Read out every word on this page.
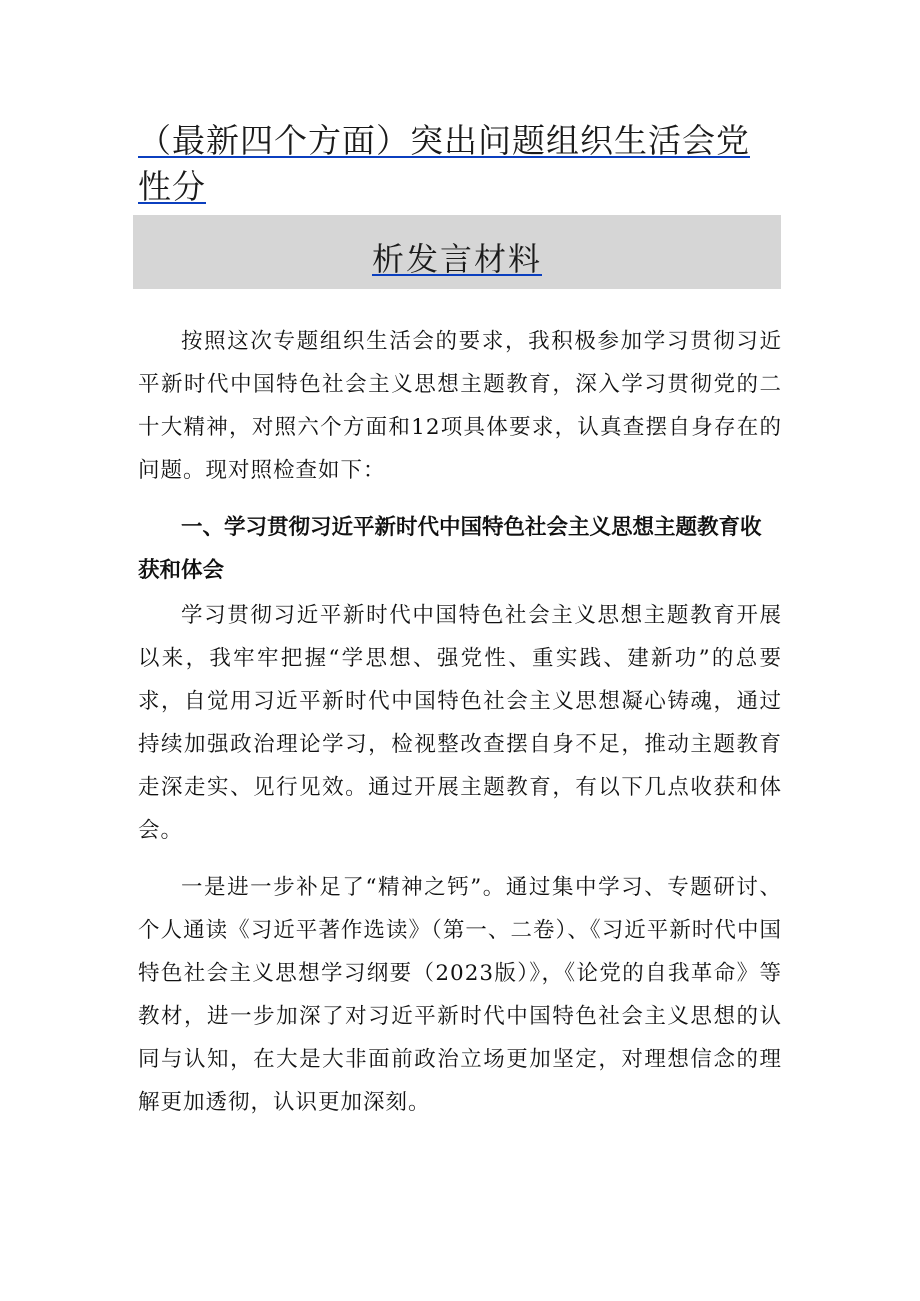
（最新四个方面）突出问题组织生活会党性分
析发言材料

按照这次专题组织生活会的要求，我积极参加学习贯彻习近平新时代中国特色社会主义思想主题教育，深入学习贯彻党的二十大精神，对照六个方面和12项具体要求，认真查摆自身存在的问题。现对照检查如下：

一、学习贯彻习近平新时代中国特色社会主义思想主题教育收获和体会

学习贯彻习近平新时代中国特色社会主义思想主题教育开展以来，我牢牢把握“学思想、强党性、重实践、建新功”的总要求，自觉用习近平新时代中国特色社会主义思想凝心铸魂，通过持续加强政治理论学习，检视整改查摆自身不足，推动主题教育走深走实、见行见效。通过开展主题教育，有以下几点收获和体会。

一是进一步补足了“精神之钙”。通过集中学习、专题研讨、个人通读《习近平著作选读》（第一、二卷）、《习近平新时代中国特色社会主义思想学习纲要（2023版）》，《论党的自我革命》等教材，进一步加深了对习近平新时代中国特色社会主义思想的认同与认知，在大是大非面前政治立场更加坚定，对理想信念的理解更加透彻，认识更加深刻。
